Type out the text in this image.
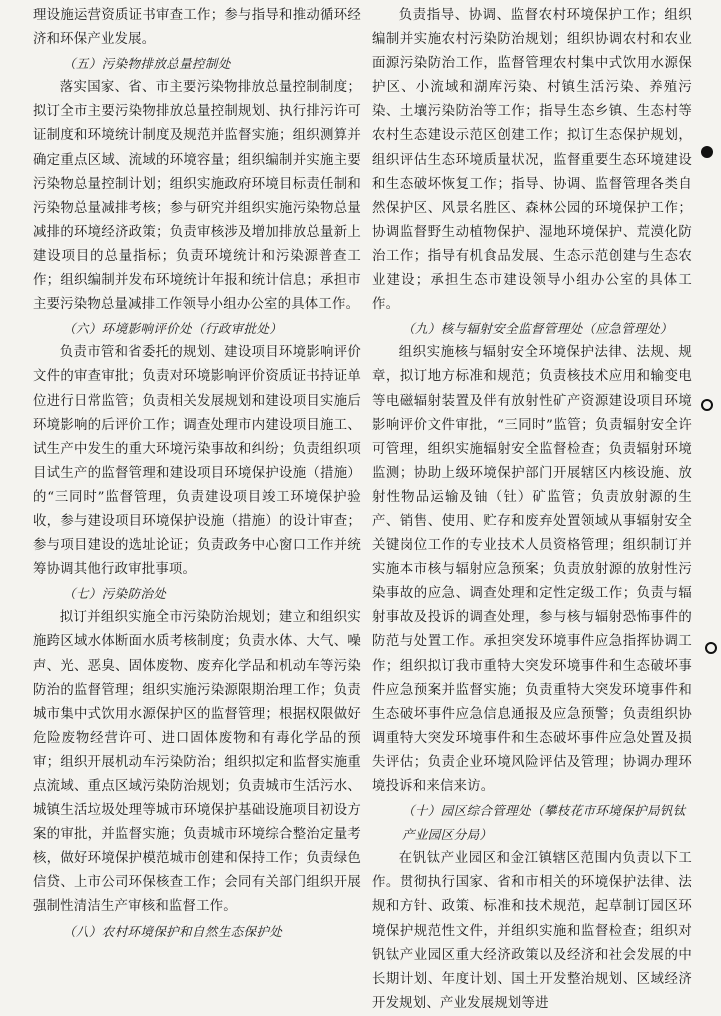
理设施运营资质证书审查工作；参与指导和推动循环经济和环保产业发展。

（五）污染物排放总量控制处

落实国家、省、市主要污染物排放总量控制制度；拟订全市主要污染物排放总量控制规划、执行排污许可证制度和环境统计制度及规范并监督实施；组织测算并确定重点区域、流域的环境容量；组织编制并实施主要污染物总量控制计划；组织实施政府环境目标责任制和污染物总量减排考核；参与研究并组织实施污染物总量减排的环境经济政策；负责审核涉及增加排放总量新上建设项目的总量指标；负责环境统计和污染源普查工作；组织编制并发布环境统计年报和统计信息；承担市主要污染物总量减排工作领导小组办公室的具体工作。

（六）环境影响评价处（行政审批处）

负责市管和省委托的规划、建设项目环境影响评价文件的审查审批；负责对环境影响评价资质证书持证单位进行日常监管；负责相关发展规划和建设项目实施后环境影响的后评价工作；调查处理市内建设项目施工、试生产中发生的重大环境污染事故和纠纷；负责组织项目试生产的监督管理和建设项目环境保护设施（措施）的“三同时”监督管理，负责建设项目竣工环境保护验收，参与建设项目环境保护设施（措施）的设计审查；参与项目建设的选址论证；负责政务中心窗口工作并统筹协调其他行政审批事项。

（七）污染防治处

拟订并组织实施全市污染防治规划；建立和组织实施跨区域水体断面水质考核制度；负责水体、大气、噪声、光、恶臭、固体废物、废弃化学品和机动车等污染防治的监督管理；组织实施污染源限期治理工作；负责城市集中式饮用水源保护区的监督管理；根据权限做好危险废物经营许可、进口固体废物和有毒化学品的预审；组织开展机动车污染防治；组织拟定和监督实施重点流域、重点区域污染防治规划；负责城市生活污水、城镇生活垃圾处理等城市环境保护基础设施项目初设方案的审批，并监督实施；负责城市环境综合整治定量考核，做好环境保护模范城市创建和保持工作；负责绿色信贷、上市公司环保核查工作；会同有关部门组织开展强制性清洁生产审核和监督工作。

（八）农村环境保护和自然生态保护处

负责指导、协调、监督农村环境保护工作；组织编制并实施农村污染防治规划；组织协调农村和农业面源污染防治工作，监督管理农村集中式饮用水源保护区、小流域和湖库污染、村镇生活污染、养殖污染、土壤污染防治等工作；指导生态乡镇、生态村等农村生态建设示范区创建工作；拟订生态保护规划，组织评估生态环境质量状况，监督重要生态环境建设和生态破坏恢复工作；指导、协调、监督管理各类自然保护区、风景名胜区、森林公园的环境保护工作；协调监督野生动植物保护、湿地环境保护、荒漠化防治工作；指导有机食品发展、生态示范创建与生态农业建设；承担生态市建设领导小组办公室的具体工作。

（九）核与辐射安全监督管理处（应急管理处）

组织实施核与辐射安全环境保护法律、法规、规章，拟订地方标准和规范；负责核技术应用和输变电等电磁辐射装置及伴有放射性矿产资源建设项目环境影响评价文件审批，“三同时”监管；负责辐射安全许可管理，组织实施辐射安全监督检查；负责辐射环境监测；协助上级环境保护部门开展辖区内核设施、放射性物品运输及铀（钍）矿监管；负责放射源的生产、销售、使用、贮存和废弃处置领域从事辐射安全关键岗位工作的专业技术人员资格管理；组织制订并实施本市核与辐射应急预案；负责放射源的放射性污染事故的应急、调查处理和定性定级工作；负责与辐射事故及投诉的调查处理，参与核与辐射恐怖事件的防范与处置工作。承担突发环境事件应急指挥协调工作；组织拟订我市重特大突发环境事件和生态破坏事件应急预案并监督实施；负责重特大突发环境事件和生态破坏事件应急信息通报及应急预警；负责组织协调重特大突发环境事件和生态破坏事件应急处置及损失评估；负责企业环境风险评估及管理；协调办理环境投诉和来信来访。

（十）园区综合管理处（攀枝花市环境保护局钒钛产业园区分局）

在钒钛产业园区和金江镇辖区范围内负责以下工作。贯彻执行国家、省和市相关的环境保护法律、法规和方针、政策、标准和技术规范，起草制订园区环境保护规范性文件，并组织实施和监督检查；组织对钒钛产业园区重大经济政策以及经济和社会发展的中长期计划、年度计划、国土开发整治规划、区域经济开发规划、产业发展规划等进
